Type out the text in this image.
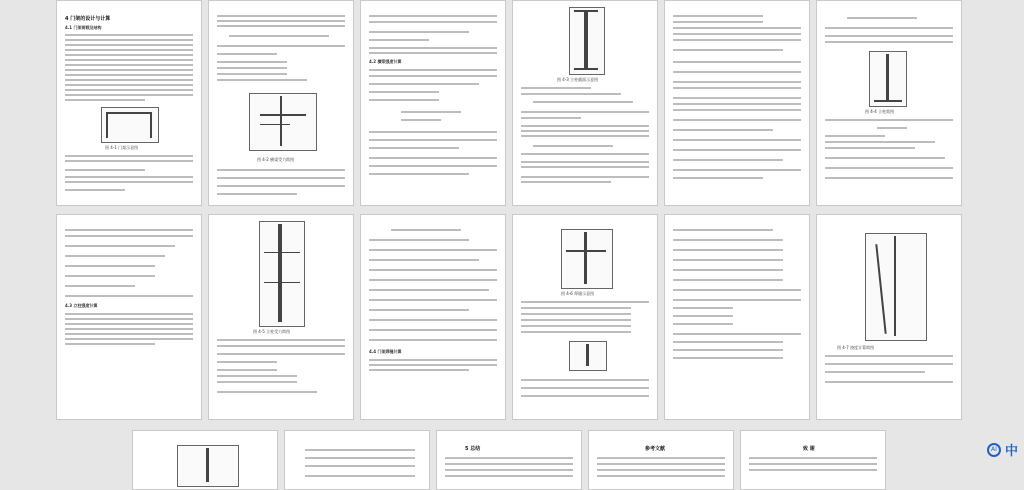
4 门架的设计与计算
4.1 门架荷载及结构
图 4-1 门架示意图
图 4-2 横梁受力简图
4.2 横梁强度计算
图 4-3 立柱截面示意图
图 4-4 立柱简图
4.3 立柱强度计算
图 4-5 立柱受力简图
4.4 门架焊缝计算
图 4-6 焊缝示意图
图 4-7 挠度计算简图
5 总结	参考文献	致 谢	AI 中
